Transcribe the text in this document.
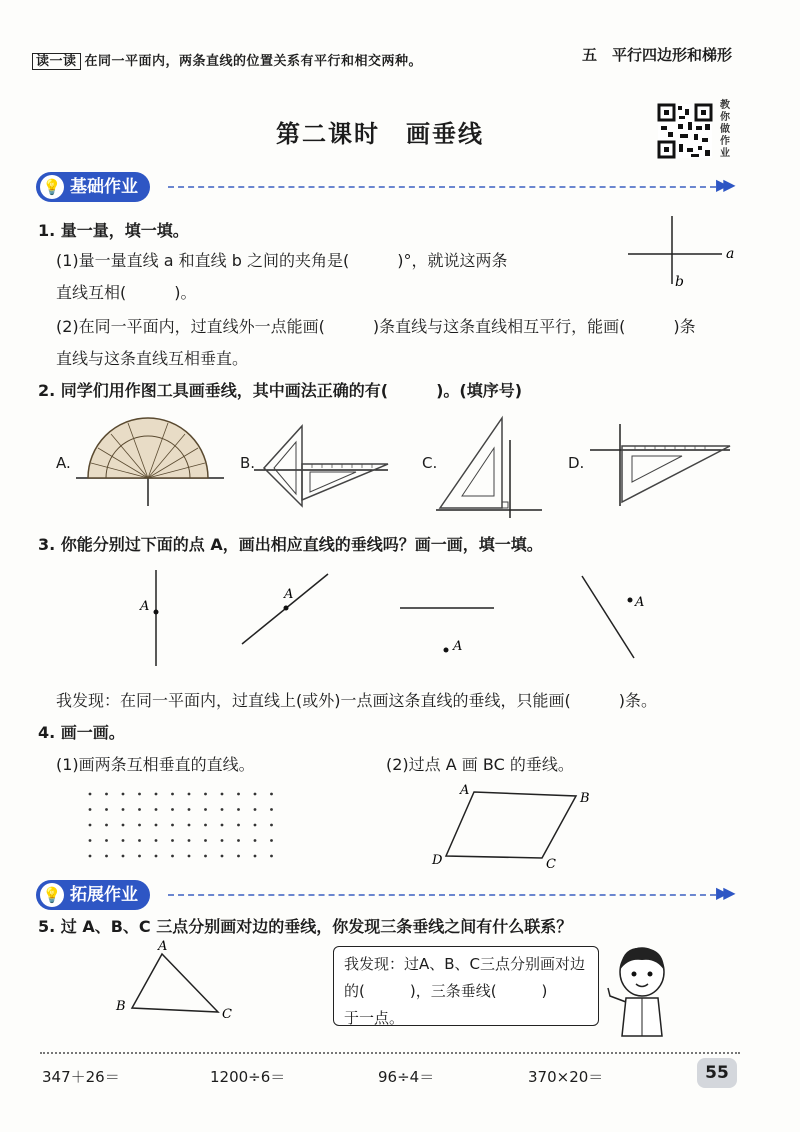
读一读 在同一平面内，两条直线的位置关系有平行和相交两种。	五　平行四边形和梯形
第二课时　画垂线
教你做作业
💡 基础作业	▶▶
1. 量一量，填一填。
(1)量一量直线 a 和直线 b 之间的夹角是(　　　)°，就说这两条
直线互相(　　　)。
(2)在同一平面内，过直线外一点能画(　　　)条直线与这条直线相互平行，能画(　　　)条
直线与这条直线互相垂直。
a
b
2. 同学们用作图工具画垂线，其中画法正确的有(　　　)。(填序号)
A.	B.	C.	D.
3. 你能分别过下面的点 A，画出相应直线的垂线吗？画一画，填一填。
A
A
A
A
我发现：在同一平面内，过直线上(或外)一点画这条直线的垂线，只能画(　　　)条。
4. 画一画。
(1)画两条互相垂直的直线。	(2)过点 A 画 BC 的垂线。
A
B
C
D
💡 拓展作业	▶▶
5. 过 A、B、C 三点分别画对边的垂线，你发现三条垂线之间有什么联系？
A
B
C
我发现：过A、B、C三点分别画对边
的(　　　)，三条垂线(　　　)
于一点。
347＋26＝	1200÷6＝	96÷4＝	370×20＝	55
